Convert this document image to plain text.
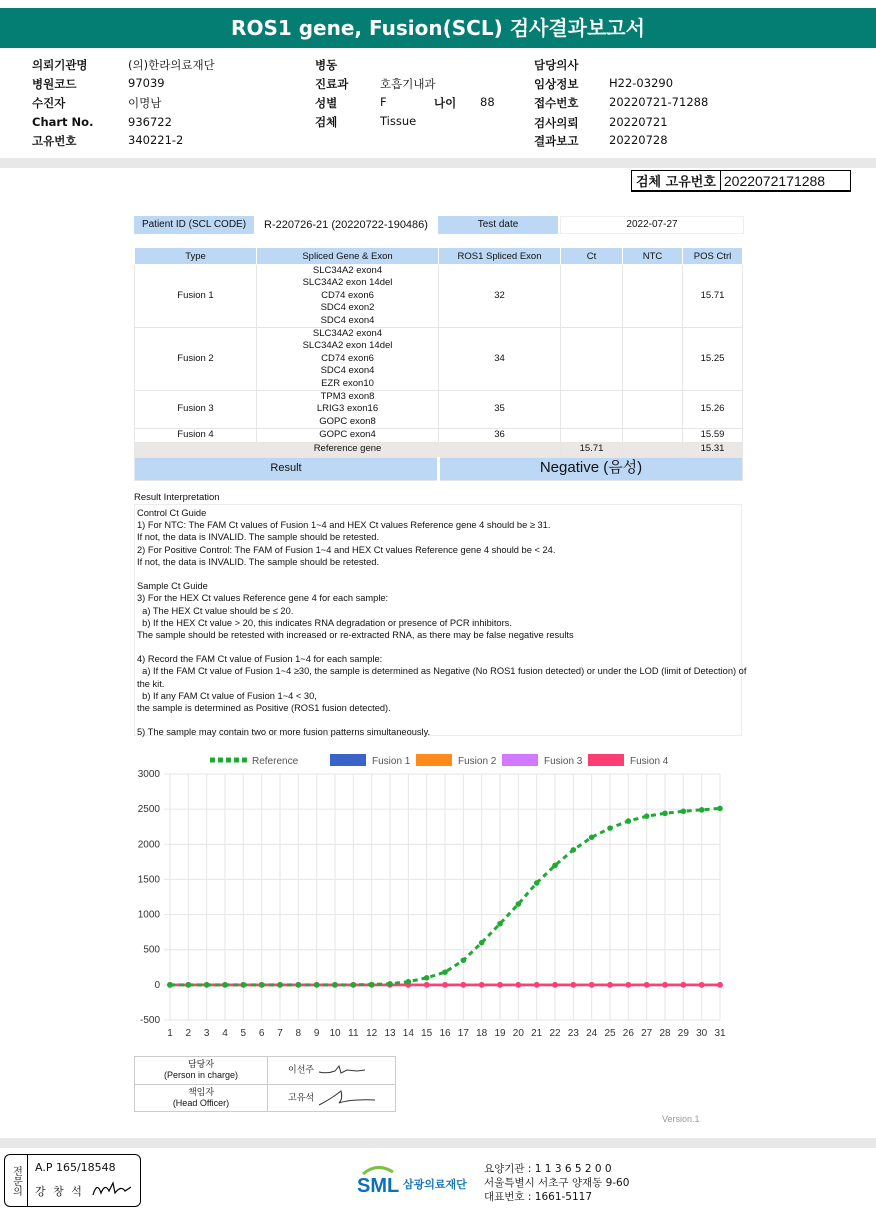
ROS1 gene, Fusion(SCL) 검사결과보고서
의뢰기관명	(의)한라의료재단
병원코드	97039
수진자	이명남
Chart No.	936722
고유번호	340221-2
병동
진료과	호흡기내과
성별	F	나이 88
검체	Tissue
담당의사
임상정보	H22-03290
접수번호	20220721-71288
검사의뢰	20220721
결과보고	20220728
검체 고유번호 2022072171288
Patient ID (SCL CODE)	R-220726-21 (20220722-190486)	Test date	2022-07-27
Type	Spliced Gene & Exon	ROS1 Spliced Exon	Ct	NTC	POS Ctrl
Fusion 1	SLC34A2 exon4
SLC34A2 exon 14del
CD74 exon6
SDC4 exon2
SDC4 exon4	32			15.71
Fusion 2	SLC34A2 exon4
SLC34A2 exon 14del
CD74 exon6
SDC4 exon4
EZR exon10	34			15.25
Fusion 3	TPM3 exon8
LRIG3 exon16
GOPC exon8	35			15.26
Fusion 4	GOPC exon4	36			15.59
Reference gene			15.71		15.31
Result		Negative (음성)			
Result Interpretation
Control Ct Guide
1) For NTC: The FAM Ct values of Fusion 1~4 and HEX Ct values Reference gene 4 should be ≥ 31.
If not, the data is INVALID. The sample should be retested.
2) For Positive Control: The FAM of Fusion 1~4 and HEX Ct values Reference gene 4 should be < 24.
If not, the data is INVALID. The sample should be retested.
Sample Ct Guide
3) For the HEX Ct values Reference gene 4 for each sample:
a) The HEX Ct value should be ≤ 20.
b) If the HEX Ct value > 20, this indicates RNA degradation or presence of PCR inhibitors.
The sample should be retested with increased or re-extracted RNA, as there may be false negative results
4) Record the FAM Ct value of Fusion 1~4 for each sample:
a) If the FAM Ct value of Fusion 1~4 ≥30, the sample is determined as Negative (No ROS1 fusion detected) or under the LOD (limit of Detection) of
the kit.
b) If any FAM Ct value of Fusion 1~4 < 30,
the sample is determined as Positive (ROS1 fusion detected).
5) The sample may contain two or more fusion patterns simultaneously.
1 2 3 4 5 6 7 8 9 10 11 12 13 14 15 16 17 18 19 20 21 22 23 24 25 26 27 28 29 30 31
-500
0
500
1000
1500
2000
2500
3000
Reference	Fusion 1	Fusion 2	Fusion 3	Fusion 4
담당자
(Person in charge)	이선주

책임자
(Head Officer)	고유석
Version.1
전문의	A.P 165/18548
강 창 석	SML 삼광의료재단
요양기관 : 1 1 3 6 5 2 0 0
서울특별시 서초구 양재동 9-60
대표번호 : 1661-5117
